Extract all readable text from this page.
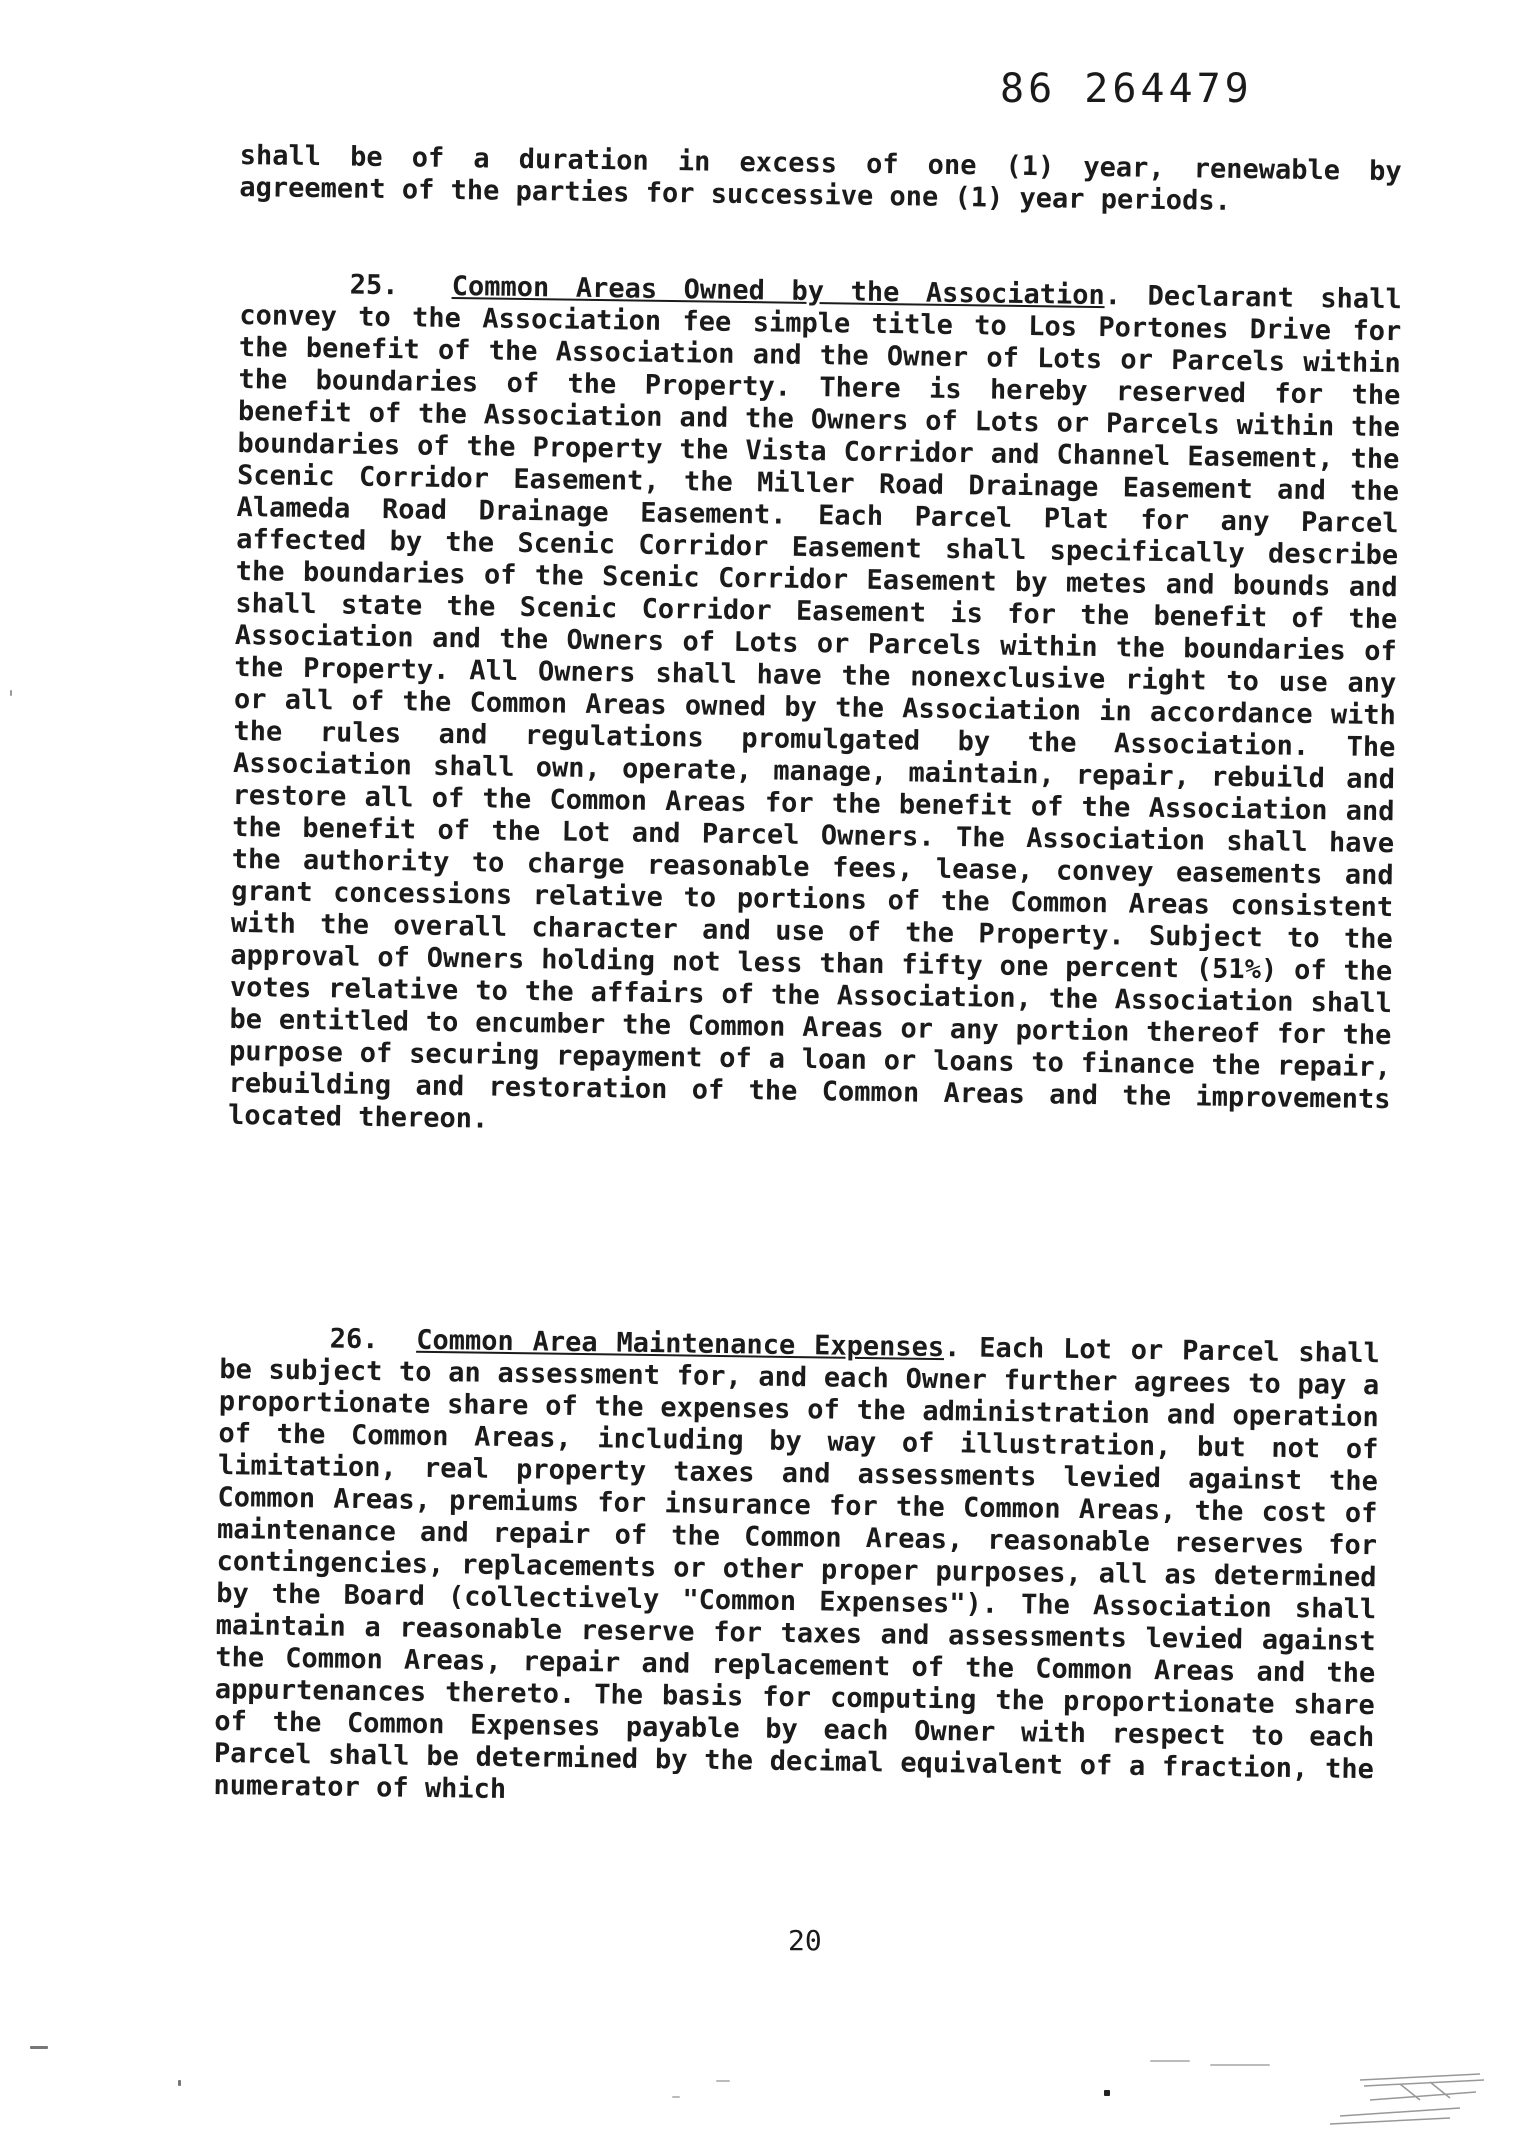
86 264479

shall be of a duration in excess of one (1) year, renewable by agreement of the parties for successive one (1) year periods.

25. Common Areas Owned by the Association. Declarant shall convey to the Association fee simple title to Los Portones Drive for the benefit of the Association and the Owner of Lots or Parcels within the boundaries of the Property. There is hereby reserved for the benefit of the Association and the Owners of Lots or Parcels within the boundaries of the Property the Vista Corridor and Channel Easement, the Scenic Corridor Easement, the Miller Road Drainage Easement and the Alameda Road Drainage Easement. Each Parcel Plat for any Parcel affected by the Scenic Corridor Easement shall specifically describe the boundaries of the Scenic Corridor Easement by metes and bounds and shall state the Scenic Corridor Easement is for the benefit of the Association and the Owners of Lots or Parcels within the boundaries of the Property. All Owners shall have the nonexclusive right to use any or all of the Common Areas owned by the Association in accordance with the rules and regulations promulgated by the Association. The Association shall own, operate, manage, maintain, repair, rebuild and restore all of the Common Areas for the benefit of the Association and the benefit of the Lot and Parcel Owners. The Association shall have the authority to charge reasonable fees, lease, convey easements and grant concessions relative to portions of the Common Areas consistent with the overall character and use of the Property. Subject to the approval of Owners holding not less than fifty one percent (51%) of the votes relative to the affairs of the Association, the Association shall be entitled to encumber the Common Areas or any portion thereof for the purpose of securing repayment of a loan or loans to finance the repair, rebuilding and restoration of the Common Areas and the improvements located thereon.

26. Common Area Maintenance Expenses. Each Lot or Parcel shall be subject to an assessment for, and each Owner further agrees to pay a proportionate share of the expenses of the administration and operation of the Common Areas, including by way of illustration, but not of limitation, real property taxes and assessments levied against the Common Areas, premiums for insurance for the Common Areas, the cost of maintenance and repair of the Common Areas, reasonable reserves for contingencies, replacements or other proper purposes, all as determined by the Board (collectively "Common Expenses"). The Association shall maintain a reasonable reserve for taxes and assessments levied against the Common Areas, repair and replacement of the Common Areas and the appurtenances thereto. The basis for computing the proportionate share of the Common Expenses payable by each Owner with respect to each Parcel shall be determined by the decimal equivalent of a fraction, the numerator of which

20
